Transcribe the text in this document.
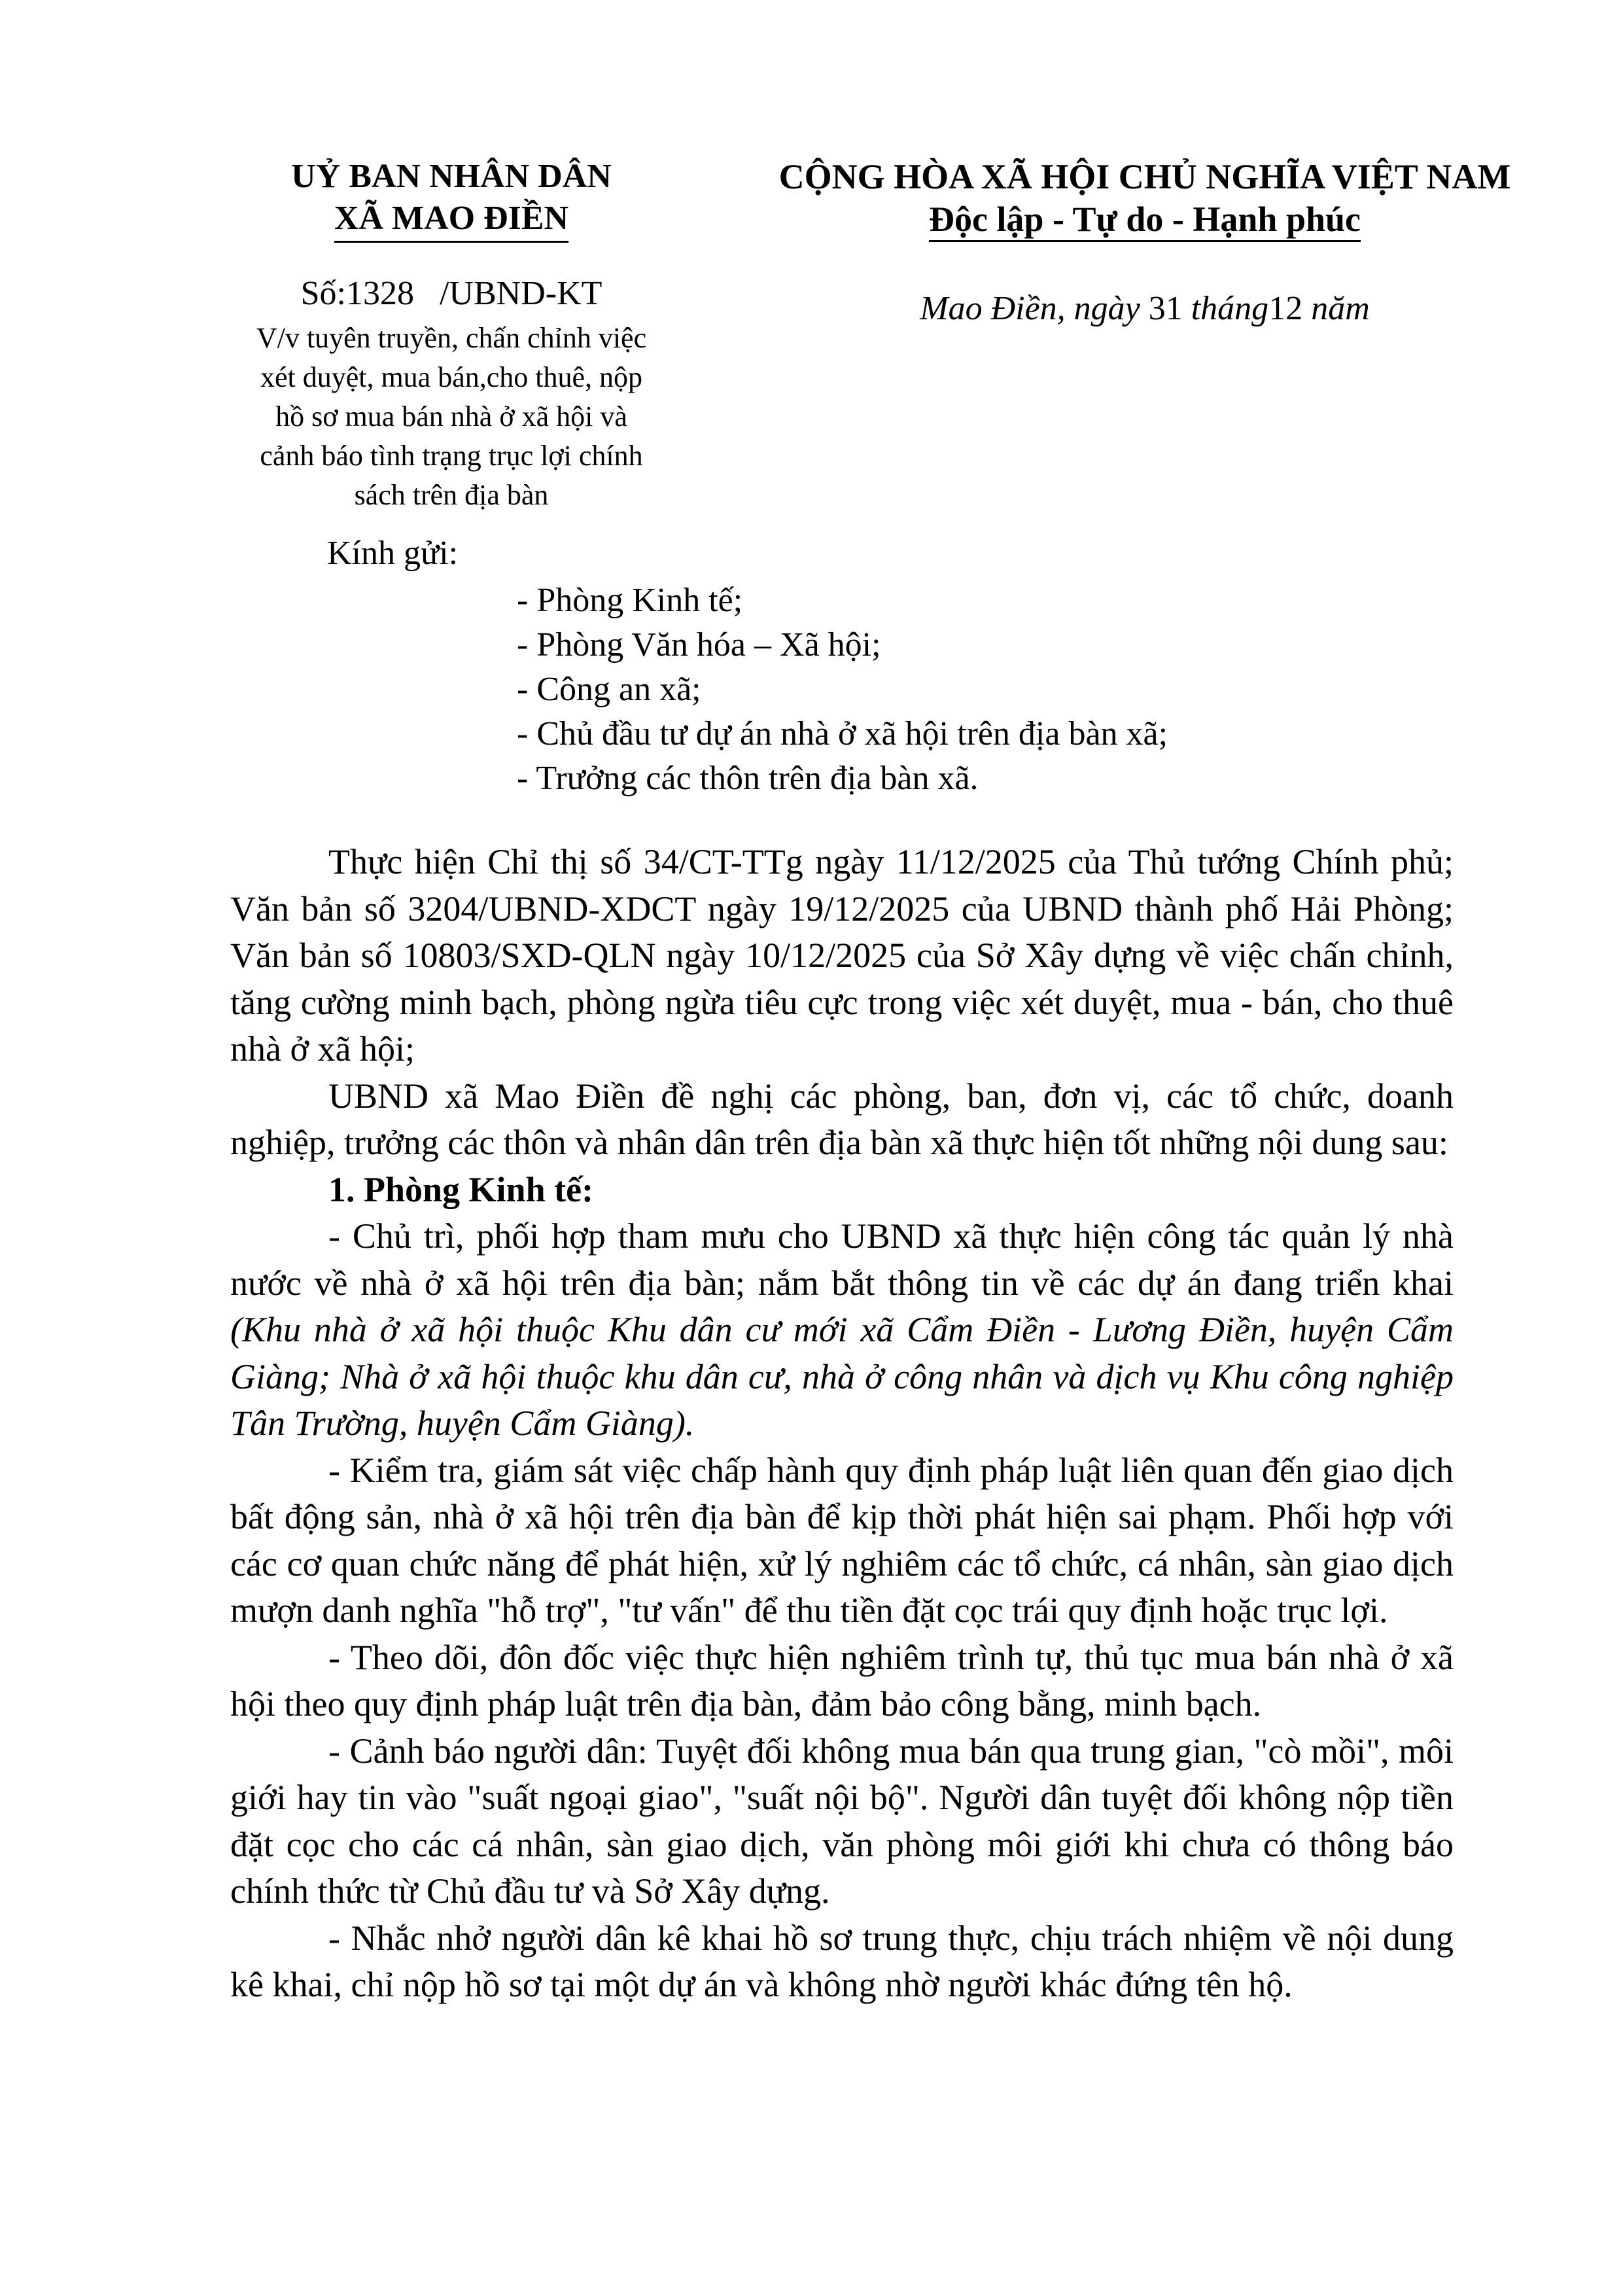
UỶ BAN NHÂN DÂN
XÃ MAO ĐIỀN
Số:1328   /UBND-KT
V/v tuyên truyền, chấn chỉnh việc
xét duyệt, mua bán,cho thuê, nộp
hồ sơ mua bán nhà ở xã hội và
cảnh báo tình trạng trục lợi chính
sách trên địa bàn
CỘNG HÒA XÃ HỘI CHỦ NGHĨA VIỆT NAM
Độc lập - Tự do - Hạnh phúc
Mao Điền, ngày 31 tháng12 năm
Kính gửi:
- Phòng Kinh tế;
- Phòng Văn hóa – Xã hội;
- Công an xã;
- Chủ đầu tư dự án nhà ở xã hội trên địa bàn xã;
- Trưởng các thôn trên địa bàn xã.

Thực hiện Chỉ thị số 34/CT-TTg ngày 11/12/2025 của Thủ tướng Chính phủ; Văn bản số 3204/UBND-XDCT ngày 19/12/2025 của UBND thành phố Hải Phòng; Văn bản số 10803/SXD-QLN ngày 10/12/2025 của Sở Xây dựng về việc chấn chỉnh, tăng cường minh bạch, phòng ngừa tiêu cực trong việc xét duyệt, mua - bán, cho thuê nhà ở xã hội;

UBND xã Mao Điền đề nghị các phòng, ban, đơn vị, các tổ chức, doanh nghiệp, trưởng các thôn và nhân dân trên địa bàn xã thực hiện tốt những nội dung sau:

1. Phòng Kinh tế:

- Chủ trì, phối hợp tham mưu cho UBND xã thực hiện công tác quản lý nhà nước về nhà ở xã hội trên địa bàn; nắm bắt thông tin về các dự án đang triển khai (Khu nhà ở xã hội thuộc Khu dân cư mới xã Cẩm Điền - Lương Điền, huyện Cẩm Giàng; Nhà ở xã hội thuộc khu dân cư, nhà ở công nhân và dịch vụ Khu công nghiệp Tân Trường, huyện Cẩm Giàng).

- Kiểm tra, giám sát việc chấp hành quy định pháp luật liên quan đến giao dịch bất động sản, nhà ở xã hội trên địa bàn để kịp thời phát hiện sai phạm. Phối hợp với các cơ quan chức năng để phát hiện, xử lý nghiêm các tổ chức, cá nhân, sàn giao dịch mượn danh nghĩa "hỗ trợ", "tư vấn" để thu tiền đặt cọc trái quy định hoặc trục lợi.

- Theo dõi, đôn đốc việc thực hiện nghiêm trình tự, thủ tục mua bán nhà ở xã hội theo quy định pháp luật trên địa bàn, đảm bảo công bằng, minh bạch.

- Cảnh báo người dân: Tuyệt đối không mua bán qua trung gian, "cò mồi", môi giới hay tin vào "suất ngoại giao", "suất nội bộ". Người dân tuyệt đối không nộp tiền đặt cọc cho các cá nhân, sàn giao dịch, văn phòng môi giới khi chưa có thông báo chính thức từ Chủ đầu tư và Sở Xây dựng.

- Nhắc nhở người dân kê khai hồ sơ trung thực, chịu trách nhiệm về nội dung kê khai, chỉ nộp hồ sơ tại một dự án và không nhờ người khác đứng tên hộ.
